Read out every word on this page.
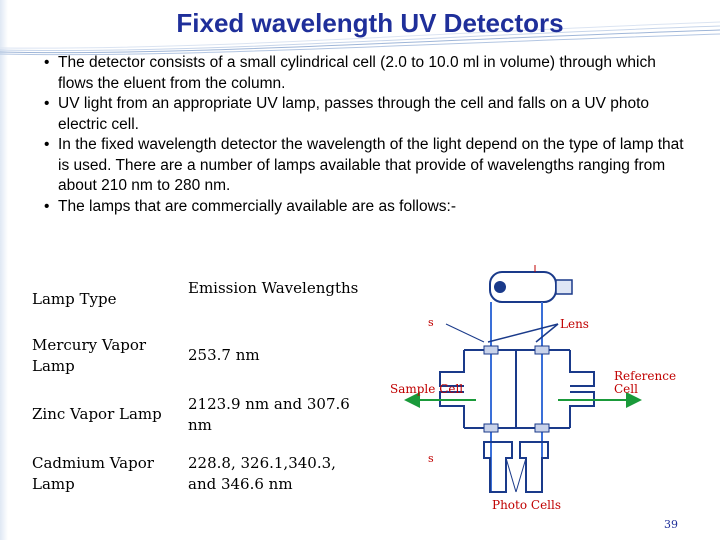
Fixed wavelength UV Detectors
• The detector consists of a small cylindrical cell (2.0 to 10.0 ml in volume) through which flows the eluent from the column.
• UV light from an appropriate UV lamp, passes through the cell and falls on a UV photo electric cell.
• In the fixed wavelength detector the wavelength of the light depend on the type of lamp that is used. There are a number of lamps available that provide of wavelengths ranging from about 210 nm to 280 nm.
• The lamps that are commercially available are as follows:-
Lamp Type	Emission Wavelengths
Mercury Vapor Lamp	253.7 nm
Zinc Vapor Lamp	2123.9 nm and 307.6 nm
Cadmium Vapor Lamp	228.8, 326.1,340.3, and 346.6 nm
s
s
Lens
Sample Cell
Reference Cell
Photo Cells
39
